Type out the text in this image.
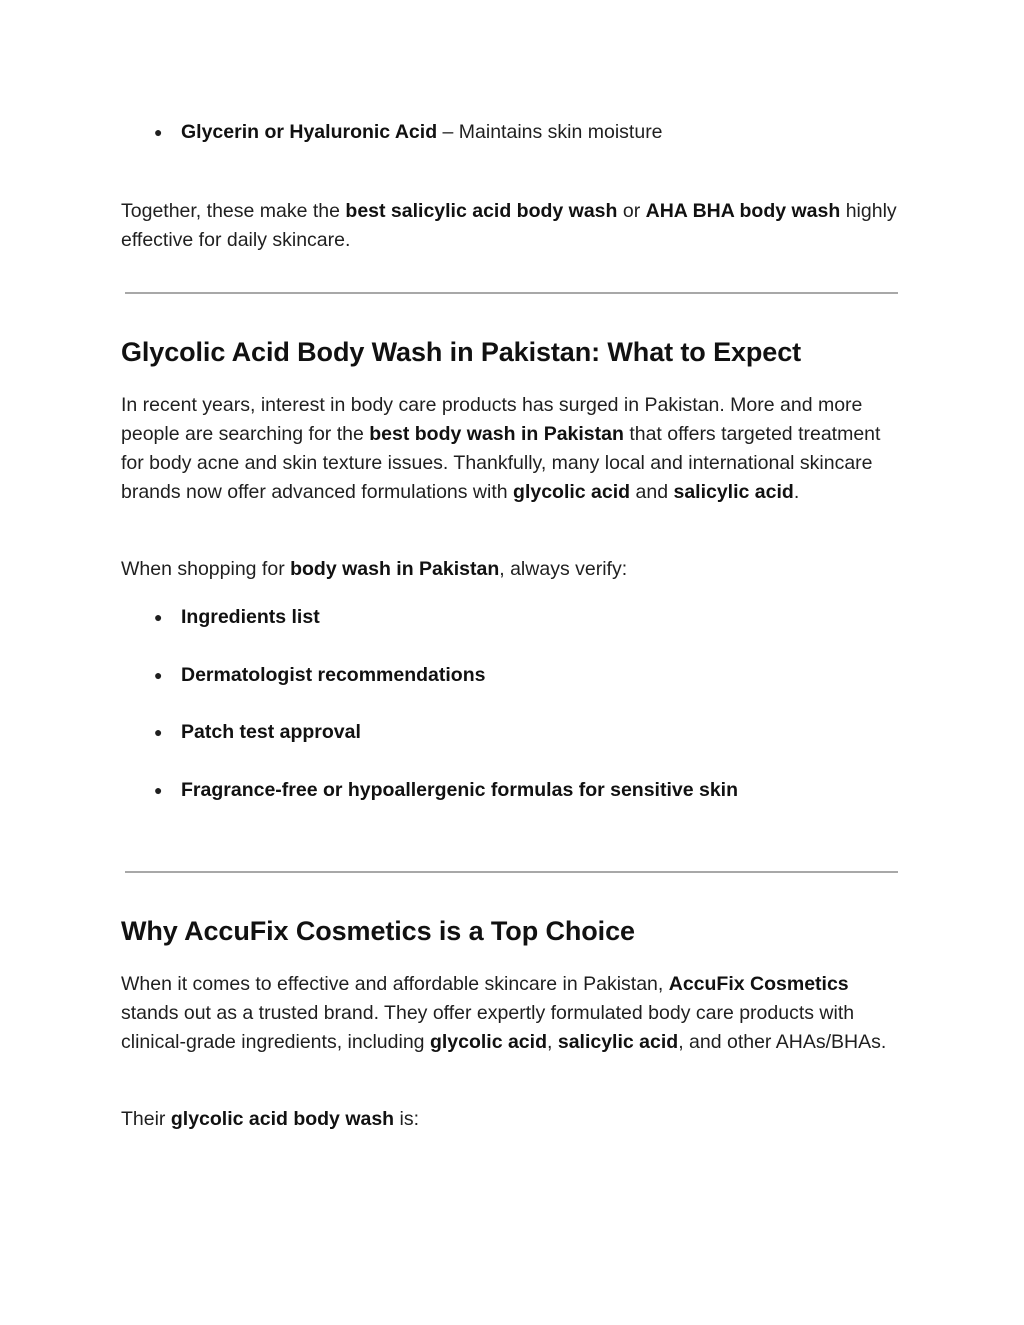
● Glycerin or Hyaluronic Acid – Maintains skin moisture

Together, these make the best salicylic acid body wash or AHA BHA body wash highly effective for daily skincare.

Glycolic Acid Body Wash in Pakistan: What to Expect

In recent years, interest in body care products has surged in Pakistan. More and more people are searching for the best body wash in Pakistan that offers targeted treatment for body acne and skin texture issues. Thankfully, many local and international skincare brands now offer advanced formulations with glycolic acid and salicylic acid.

When shopping for body wash in Pakistan, always verify:

● Ingredients list
● Dermatologist recommendations
● Patch test approval
● Fragrance-free or hypoallergenic formulas for sensitive skin
Why AccuFix Cosmetics is a Top Choice

When it comes to effective and affordable skincare in Pakistan, AccuFix Cosmetics stands out as a trusted brand. They offer expertly formulated body care products with clinical-grade ingredients, including glycolic acid, salicylic acid, and other AHAs/BHAs.

Their glycolic acid body wash is:
